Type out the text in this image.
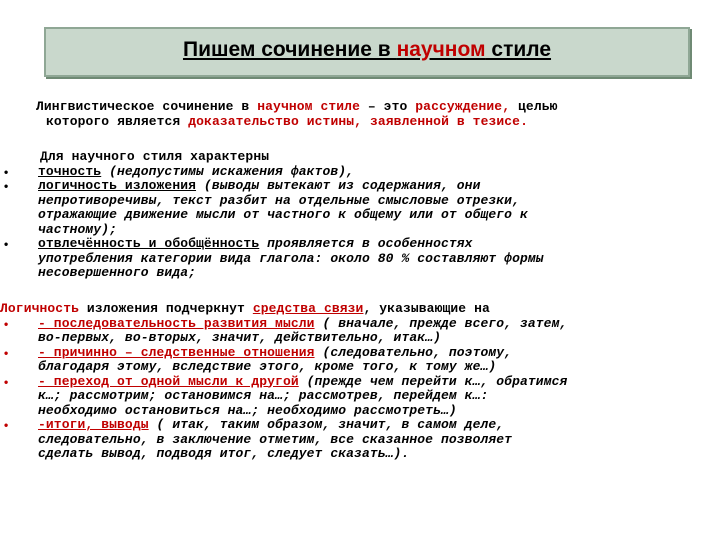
Пишем сочинение в научном стиле
Лингвистическое сочинение в научном стиле – это рассуждение, целью
которого является доказательство истины, заявленной в тезисе.
Для научного стиля характерны
• точность (недопустимы искажения фактов),
• логичность изложения (выводы вытекают из содержания, они
непротиворечивы, текст разбит на отдельные смысловые отрезки,
отражающие движение мысли от частного к общему или от общего к
частному);
• отвлечённость и обобщённость проявляется в особенностях
употребления категории вида глагола: около 80 % составляют формы
несовершенного вида;
Логичность изложения подчеркнут средства связи, указывающие на
• - последовательность развития мысли ( вначале, прежде всего, затем,
во-первых, во-вторых, значит, действительно, итак…)
• - причинно – следственные отношения (следовательно, поэтому,
благодаря этому, вследствие этого, кроме того, к тому же…)
• - переход от одной мысли к другой (прежде чем перейти к…, обратимся
к…; рассмотрим; остановимся на…; рассмотрев, перейдем к…:
необходимо остановиться на…; необходимо рассмотреть…)
• -итоги, выводы ( итак, таким образом, значит, в самом деле,
следовательно, в заключение отметим, все сказанное позволяет
сделать вывод, подводя итог, следует сказать…).
